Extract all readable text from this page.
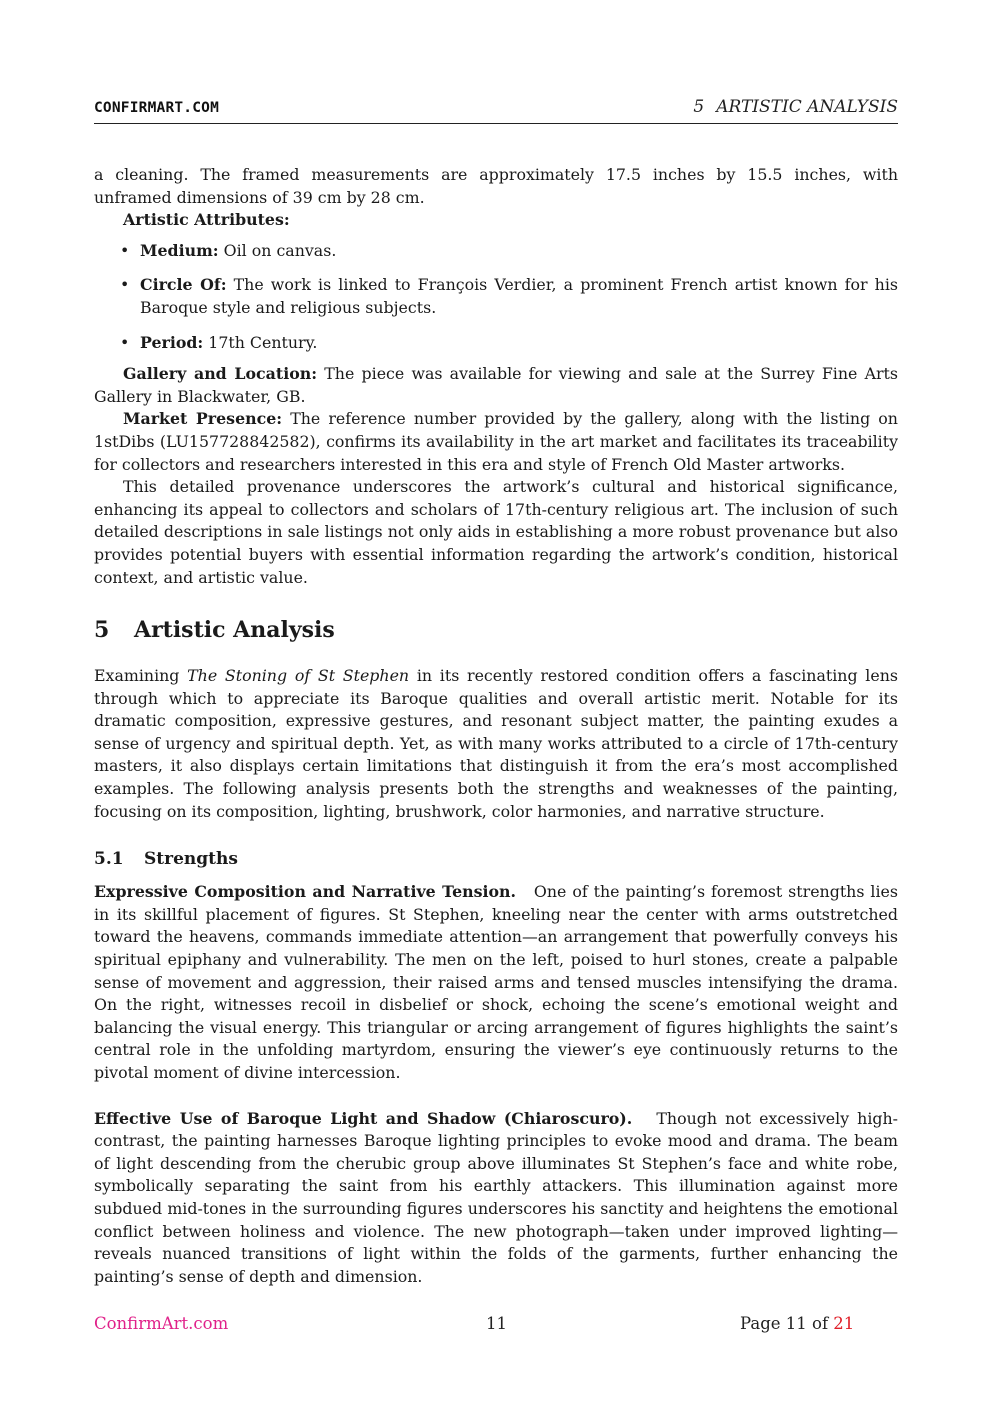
CONFIRMART.COM	5 ARTISTIC ANALYSIS

a cleaning. The framed measurements are approximately 17.5 inches by 15.5 inches, with unframed dimensions of 39 cm by 28 cm.

Artistic Attributes:

• Medium: Oil on canvas.
• Circle Of: The work is linked to François Verdier, a prominent French artist known for his Baroque style and religious subjects.
• Period: 17th Century.

Gallery and Location: The piece was available for viewing and sale at the Surrey Fine Arts Gallery in Blackwater, GB.

Market Presence: The reference number provided by the gallery, along with the listing on 1stDibs (LU157728842582), confirms its availability in the art market and facilitates its traceability for collectors and researchers interested in this era and style of French Old Master artworks.

This detailed provenance underscores the artwork’s cultural and historical significance, enhancing its appeal to collectors and scholars of 17th-century religious art. The inclusion of such detailed descriptions in sale listings not only aids in establishing a more robust provenance but also provides potential buyers with essential information regarding the artwork’s condition, historical context, and artistic value.

5 Artistic Analysis

Examining The Stoning of St Stephen in its recently restored condition offers a fascinating lens through which to appreciate its Baroque qualities and overall artistic merit. Notable for its dramatic composition, expressive gestures, and resonant subject matter, the painting exudes a sense of urgency and spiritual depth. Yet, as with many works attributed to a circle of 17th-century masters, it also displays certain limitations that distinguish it from the era’s most accomplished examples. The following analysis presents both the strengths and weaknesses of the painting, focusing on its composition, lighting, brushwork, color harmonies, and narrative structure.

5.1 Strengths

Expressive Composition and Narrative Tension. One of the painting’s foremost strengths lies in its skillful placement of figures. St Stephen, kneeling near the center with arms outstretched toward the heavens, commands immediate attention—an arrangement that powerfully conveys his spiritual epiphany and vulnerability. The men on the left, poised to hurl stones, create a palpable sense of movement and aggression, their raised arms and tensed muscles intensifying the drama. On the right, witnesses recoil in disbelief or shock, echoing the scene’s emotional weight and balancing the visual energy. This triangular or arcing arrangement of figures highlights the saint’s central role in the unfolding martyrdom, ensuring the viewer’s eye continuously returns to the pivotal moment of divine intercession.

Effective Use of Baroque Light and Shadow (Chiaroscuro). Though not excessively high-contrast, the painting harnesses Baroque lighting principles to evoke mood and drama. The beam of light descending from the cherubic group above illuminates St Stephen’s face and white robe, symbolically separating the saint from his earthly attackers. This illumination against more subdued mid-tones in the surrounding figures underscores his sanctity and heightens the emotional conflict between holiness and violence. The new photograph—taken under improved lighting—reveals nuanced transitions of light within the folds of the garments, further enhancing the painting’s sense of depth and dimension.

ConfirmArt.com	11	Page 11 of 21
